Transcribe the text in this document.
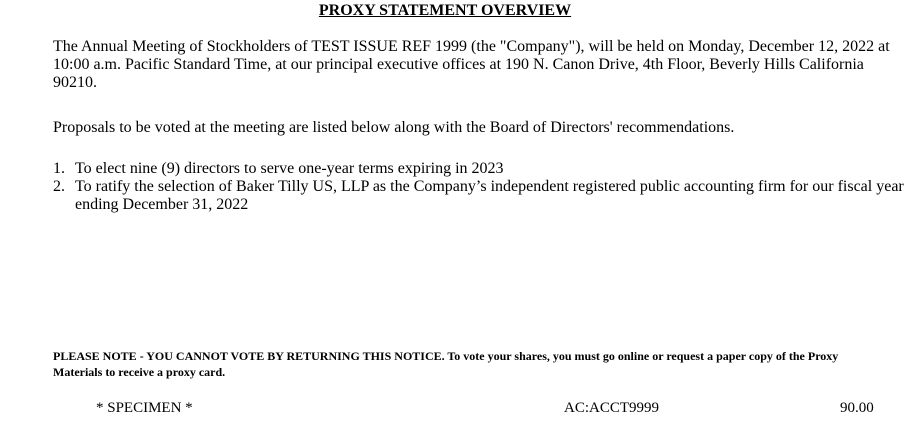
PROXY STATEMENT OVERVIEW
The Annual Meeting of Stockholders of TEST ISSUE REF 1999 (the "Company"), will be held on Monday, December 12, 2022 at 10:00 a.m. Pacific Standard Time, at our principal executive offices at 190 N. Canon Drive, 4th Floor, Beverly Hills California 90210.
Proposals to be voted at the meeting are listed below along with the Board of Directors' recommendations.
1. To elect nine (9) directors to serve one-year terms expiring in 2023
2. To ratify the selection of Baker Tilly US, LLP as the Company’s independent registered public accounting firm for our fiscal year ending December 31, 2022
PLEASE NOTE - YOU CANNOT VOTE BY RETURNING THIS NOTICE. To vote your shares, you must go online or request a paper copy of the Proxy Materials to receive a proxy card.
* SPECIMEN *	AC:ACCT9999	90.00
